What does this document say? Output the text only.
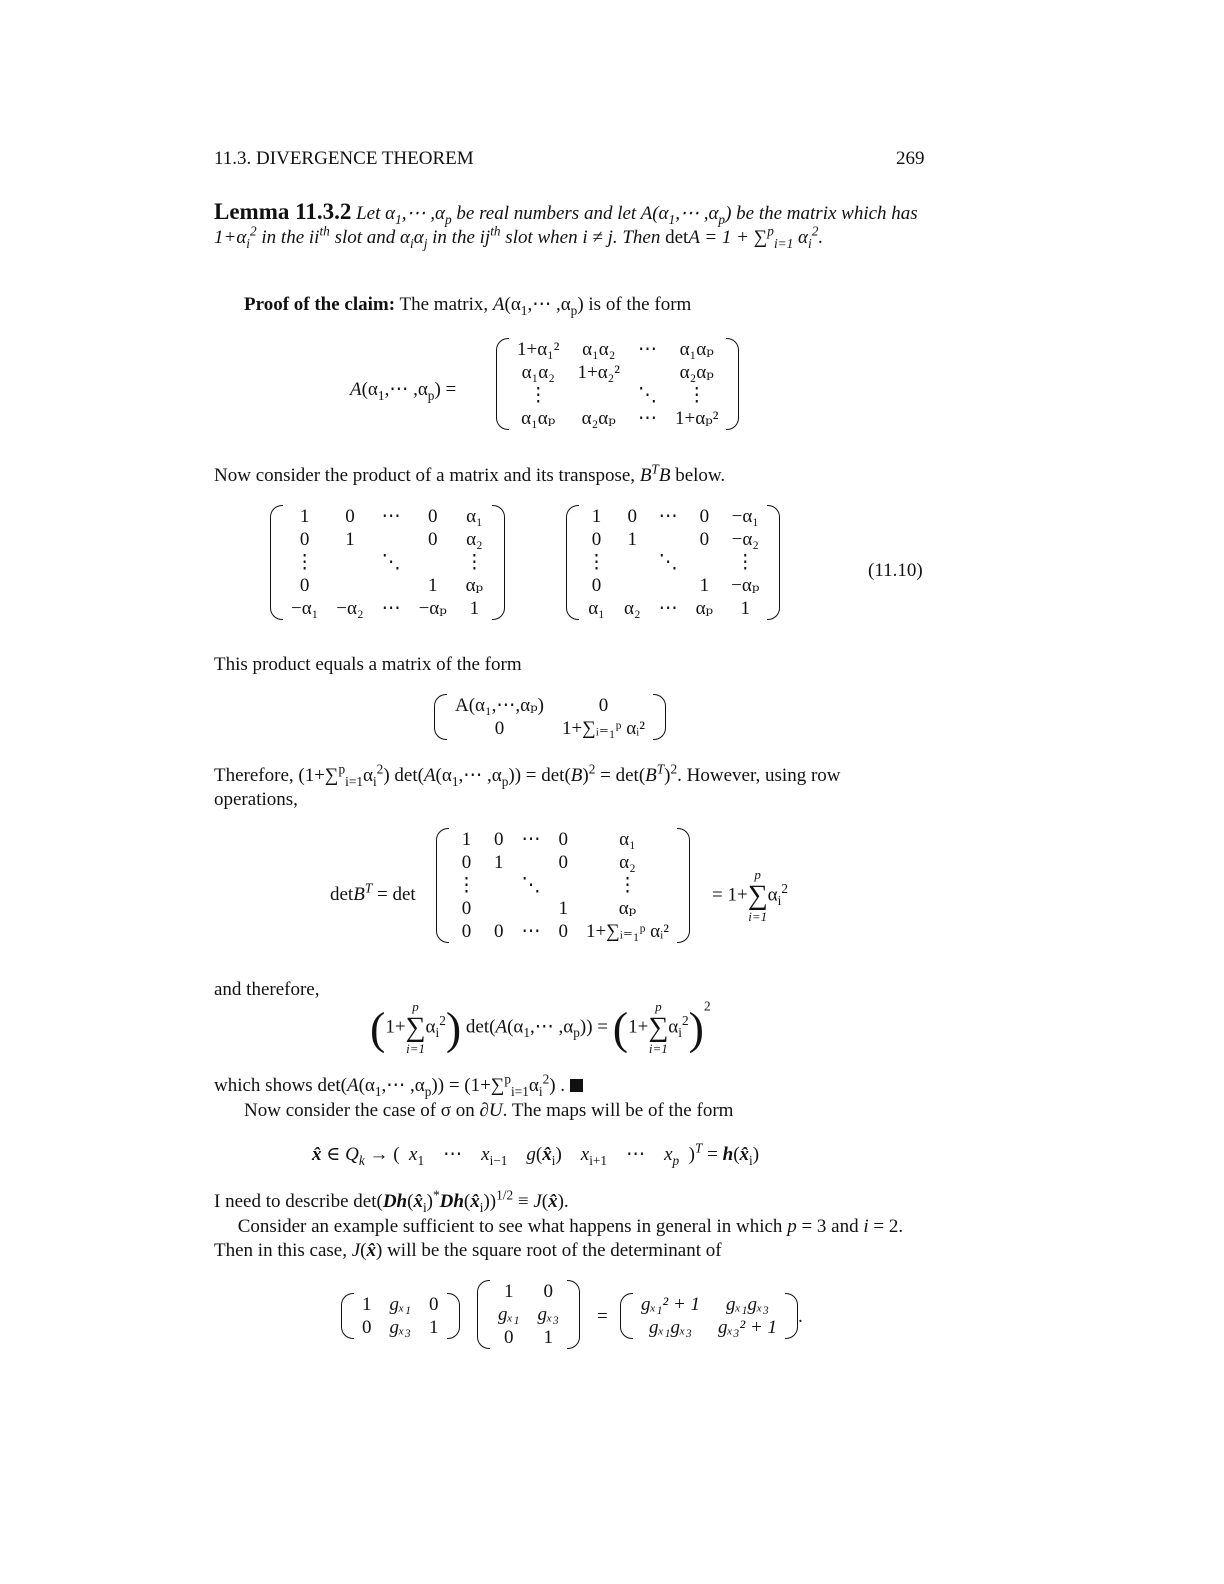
11.3. DIVERGENCE THEOREM	269
Lemma 11.3.2 Let $\alpha_1,\cdots$ $,\alpha_p$ be real numbers and let $A(\alpha_1,\cdots$ $,\alpha_p$) be the matrix which has $1+\alpha_i^2$ in the $ii^{th}$ slot and $\alpha_i\alpha_j$ in the $ij^{th}$ slot when i ≠ j. Then detA = 1 + ∑$^p_{i=1}$ $\alpha_i^2$.
Proof of the claim: The matrix, $A(\alpha_1,\cdots$ $,\alpha_p$) is of the form
$A(\alpha_1,\cdots$ $,\alpha_p$) =
1+α₁²	α₁α₂	⋯	α₁αₚ
α₁α₂	1+α₂²		α₂αₚ
⋮		⋱	⋮
α₁αₚ	α₂αₚ	⋯	1+αₚ²
Now consider the product of a matrix and its transpose, $B^TB$ below.
1	0	⋯	0	α₁
0	1		0	α₂
⋮		⋱		⋮
0			1	αₚ
−α₁	−α₂	⋯	−αₚ	1
1	0	⋯	0	−α₁
0	1		0	−α₂
⋮		⋱		⋮
0			1	−αₚ
α₁	α₂	⋯	αₚ	1
(11.10)
This product equals a matrix of the form
A(α₁,⋯,αₚ)	0
0	1+∑ᵢ₌₁ᵖ αᵢ²
Therefore, $(1+\sum^p_{i=1}\alpha_i^2)$ $\det(A(\alpha_1,\cdots$ $,\alpha_p)) = \det(B)^2 = \det(B^T)^2$. However, using row
operations,
detB$^T$ = det
1	0	⋯	0	α₁
0	1		0	α₂
⋮		⋱		⋮
0			1	αₚ
0	0	⋯	0	1+∑ᵢ₌₁ᵖ αᵢ²
= 1+
p
∑
i=1
$\alpha_i^2$
and therefore,
(1+
p
∑
i=1
$\alpha_i^2$) $\det(A(\alpha_1,\cdots$ $,\alpha_p)) = (1+$
p
∑
i=1
$\alpha_i^2)^2$
which shows $\det(A(\alpha_1,\cdots$ $,\alpha_p)) = (1+\sum^p_{i=1}\alpha_i^2)$ .
Now consider the case of σ on ∂U. The maps will be of the form
x̂ ∈ $Q_k$ → (  $x_1$    ⋯    $x_{i-1}$ $g(x̂_i)$    $x_{i+1}$    ⋯    $x_p$  )$^T = h(x̂_i)$
I need to describe $\det(Dh(x̂_i)^*Dh(x̂_i))^{1/2}$ ≡ J(x̂).
Consider an example sufficient to see what happens in general in which p = 3 and i = 2.
Then in this case, J(x̂) will be the square root of the determinant of
1	gₓ₁	0
0	gₓ₃	1
1	0
gₓ₁	gₓ₃
0	1
=
gₓ₁² + 1	gₓ₁gₓ₃
gₓ₁gₓ₃	gₓ₃² + 1
.
